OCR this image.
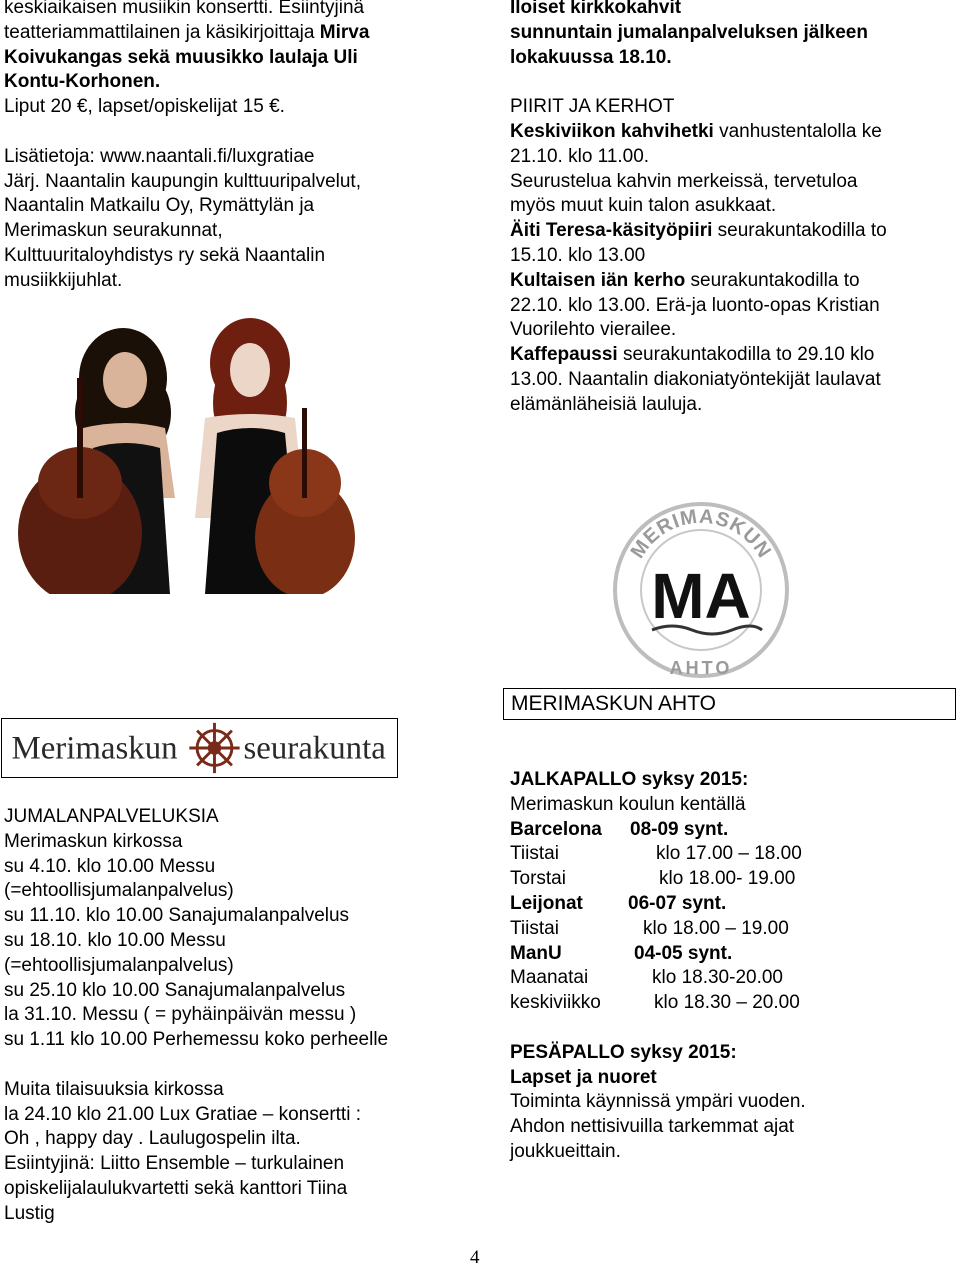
keskiaikaisen musiikin konsertti. Esiintyjinä

teatteriammattilainen ja käsikirjoittaja Mirva

Koivukangas sekä muusikko laulaja Uli

Kontu-Korhonen.

Liput 20 €, lapset/opiskelijat 15 €.

Lisätietoja: www.naantali.fi/luxgratiae

Järj. Naantalin kaupungin kulttuuripalvelut,

Naantalin Matkailu Oy, Rymättylän ja

Merimaskun seurakunnat,

Kulttuuritaloyhdistys ry sekä Naantalin

musiikkijuhlat.

Iloiset kirkkokahvit

sunnuntain jumalanpalveluksen jälkeen

lokakuussa 18.10.

PIIRIT JA KERHOT

Keskiviikon kahvihetki vanhustentalolla ke

21.10. klo 11.00.

Seurustelua kahvin merkeissä, tervetuloa

myös muut kuin talon asukkaat.

Äiti Teresa-käsityöpiiri seurakuntakodilla to

15.10. klo 13.00

Kultaisen iän kerho seurakuntakodilla to

22.10. klo 13.00. Erä-ja luonto-opas Kristian

Vuorilehto vierailee.

Kaffepaussi seurakuntakodilla to 29.10 klo

13.00. Naantalin diakoniatyöntekijät laulavat

elämänläheisiä lauluja.

MERIMASKUN
MA
AHTO
MERIMASKUN AHTO
Merimaskun seurakunta

JUMALANPALVELUKSIA

Merimaskun kirkossa

su 4.10. klo 10.00 Messu

(=ehtoollisjumalanpalvelus)

su 11.10. klo 10.00 Sanajumalanpalvelus

su 18.10. klo 10.00 Messu

(=ehtoollisjumalanpalvelus)

su 25.10 klo 10.00 Sanajumalanpalvelus

la 31.10. Messu ( = pyhäinpäivän messu )

su 1.11 klo 10.00 Perhemessu koko perheelle

Muita tilaisuuksia kirkossa

la 24.10 klo 21.00 Lux Gratiae – konsertti :

Oh , happy day . Laulugospelin ilta.

Esiintyjinä: Liitto Ensemble – turkulainen

opiskelijalaulukvartetti sekä kanttori Tiina

Lustig

JALKAPALLO syksy 2015:

Merimaskun koulun kentällä

Barcelona 08-09 synt.

Tiistai	klo 17.00 – 18.00

Torstai	klo 18.00- 19.00

Leijonat 06-07 synt.

Tiistai	klo 18.00 – 19.00

ManU	04-05 synt.

Maanatai	klo 18.30-20.00

keskiviikko	klo 18.30 – 20.00

PESÄPALLO syksy 2015:

Lapset ja nuoret

Toiminta käynnissä ympäri vuoden.

Ahdon nettisivuilla tarkemmat ajat

joukkueittain.

4
